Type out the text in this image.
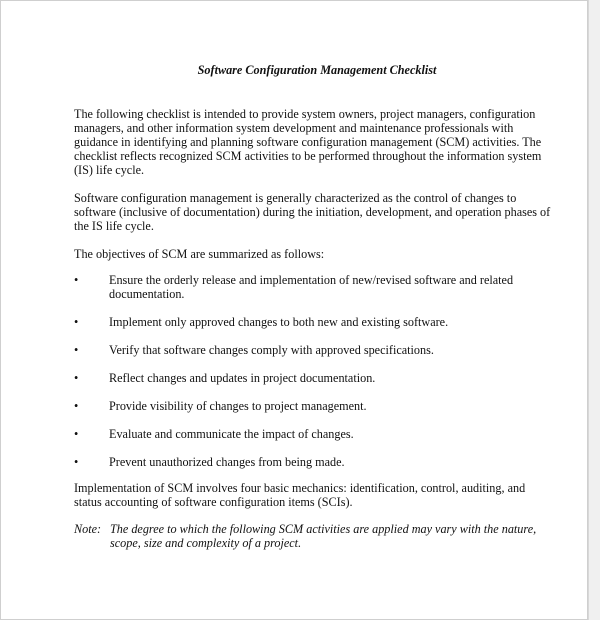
Software Configuration Management Checklist

The following checklist is intended to provide system owners, project managers, configuration managers, and other information system development and maintenance professionals with guidance in identifying and planning software configuration management (SCM) activities. The checklist reflects recognized SCM activities to be performed throughout the information system (IS) life cycle.

Software configuration management is generally characterized as the control of changes to software (inclusive of documentation) during the initiation, development, and operation phases of the IS life cycle.

The objectives of SCM are summarized as follows:

•	Ensure the orderly release and implementation of new/revised software and related documentation.
•	Implement only approved changes to both new and existing software.
•	Verify that software changes comply with approved specifications.
•	Reflect changes and updates in project documentation.
•	Provide visibility of changes to project management.
•	Evaluate and communicate the impact of changes.
•	Prevent unauthorized changes from being made.

Implementation of SCM involves four basic mechanics: identification, control, auditing, and status accounting of software configuration items (SCIs).

Note: The degree to which the following SCM activities are applied may vary with the nature, scope, size and complexity of a project.
